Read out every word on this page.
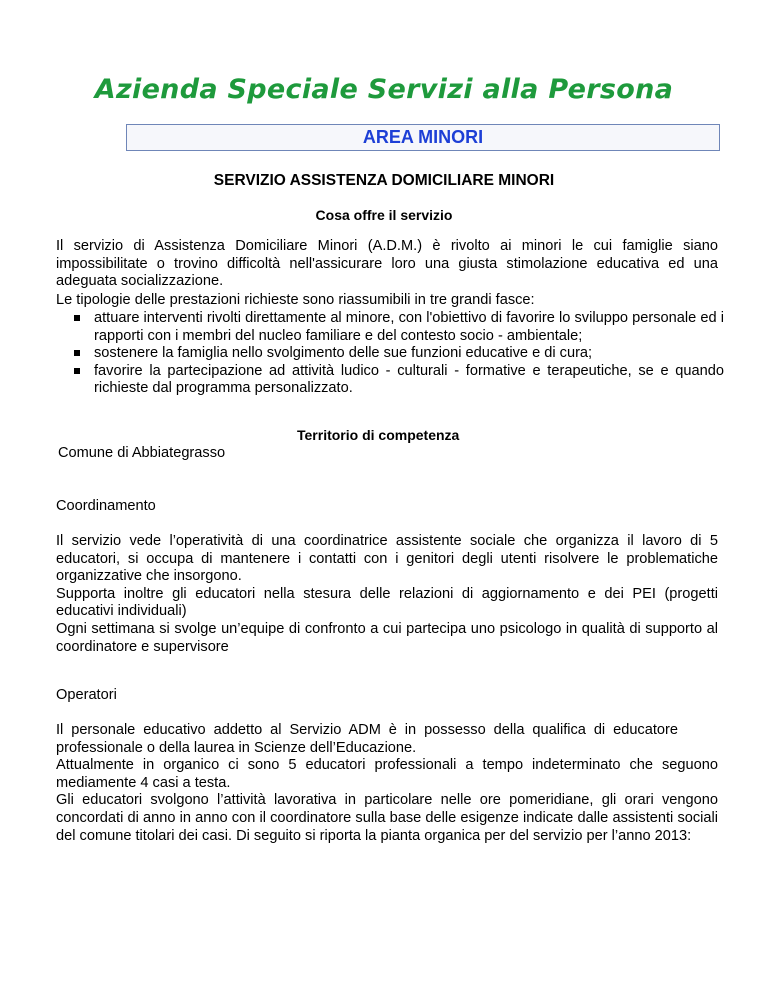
Azienda Speciale Servizi alla Persona
AREA MINORI
SERVIZIO ASSISTENZA DOMICILIARE MINORI
Cosa offre il servizio

Il servizio di Assistenza Domiciliare Minori (A.D.M.) è rivolto ai minori le cui famiglie siano impossibilitate o trovino difficoltà nell'assicurare loro una giusta stimolazione educativa ed una adeguata socializzazione.

Le tipologie delle prestazioni richieste sono riassumibili in tre grandi fasce:

attuare interventi rivolti direttamente al minore, con l'obiettivo di favorire lo sviluppo personale ed i rapporti con i membri del nucleo familiare e del contesto socio - ambientale;
sostenere la famiglia nello svolgimento delle sue funzioni educative e di cura;
favorire la partecipazione ad attività ludico - culturali - formative e terapeutiche, se e quando richieste dal programma personalizzato.
Territorio di competenza
Comune di Abbiategrasso
Coordinamento

Il servizio vede l’operatività di una coordinatrice assistente sociale che organizza il lavoro di 5 educatori, si occupa di mantenere i contatti con i genitori degli utenti risolvere le problematiche organizzative che insorgono.

Supporta inoltre gli educatori nella stesura delle relazioni di aggiornamento e dei PEI (progetti educativi individuali)

Ogni settimana si svolge un’equipe di confronto a cui partecipa uno psicologo in qualità di supporto al coordinatore e supervisore

Operatori

Il personale educativo addetto al Servizio ADM è in possesso della qualifica di educatore professionale o della laurea in Scienze dell’Educazione.

Attualmente in organico ci sono 5 educatori professionali a tempo indeterminato che seguono mediamente 4 casi a testa.

Gli educatori svolgono l’attività lavorativa in particolare nelle ore pomeridiane, gli orari vengono concordati di anno in anno con il coordinatore sulla base delle esigenze indicate dalle assistenti sociali del comune titolari dei casi. Di seguito si riporta la pianta organica per del servizio per l’anno 2013:
